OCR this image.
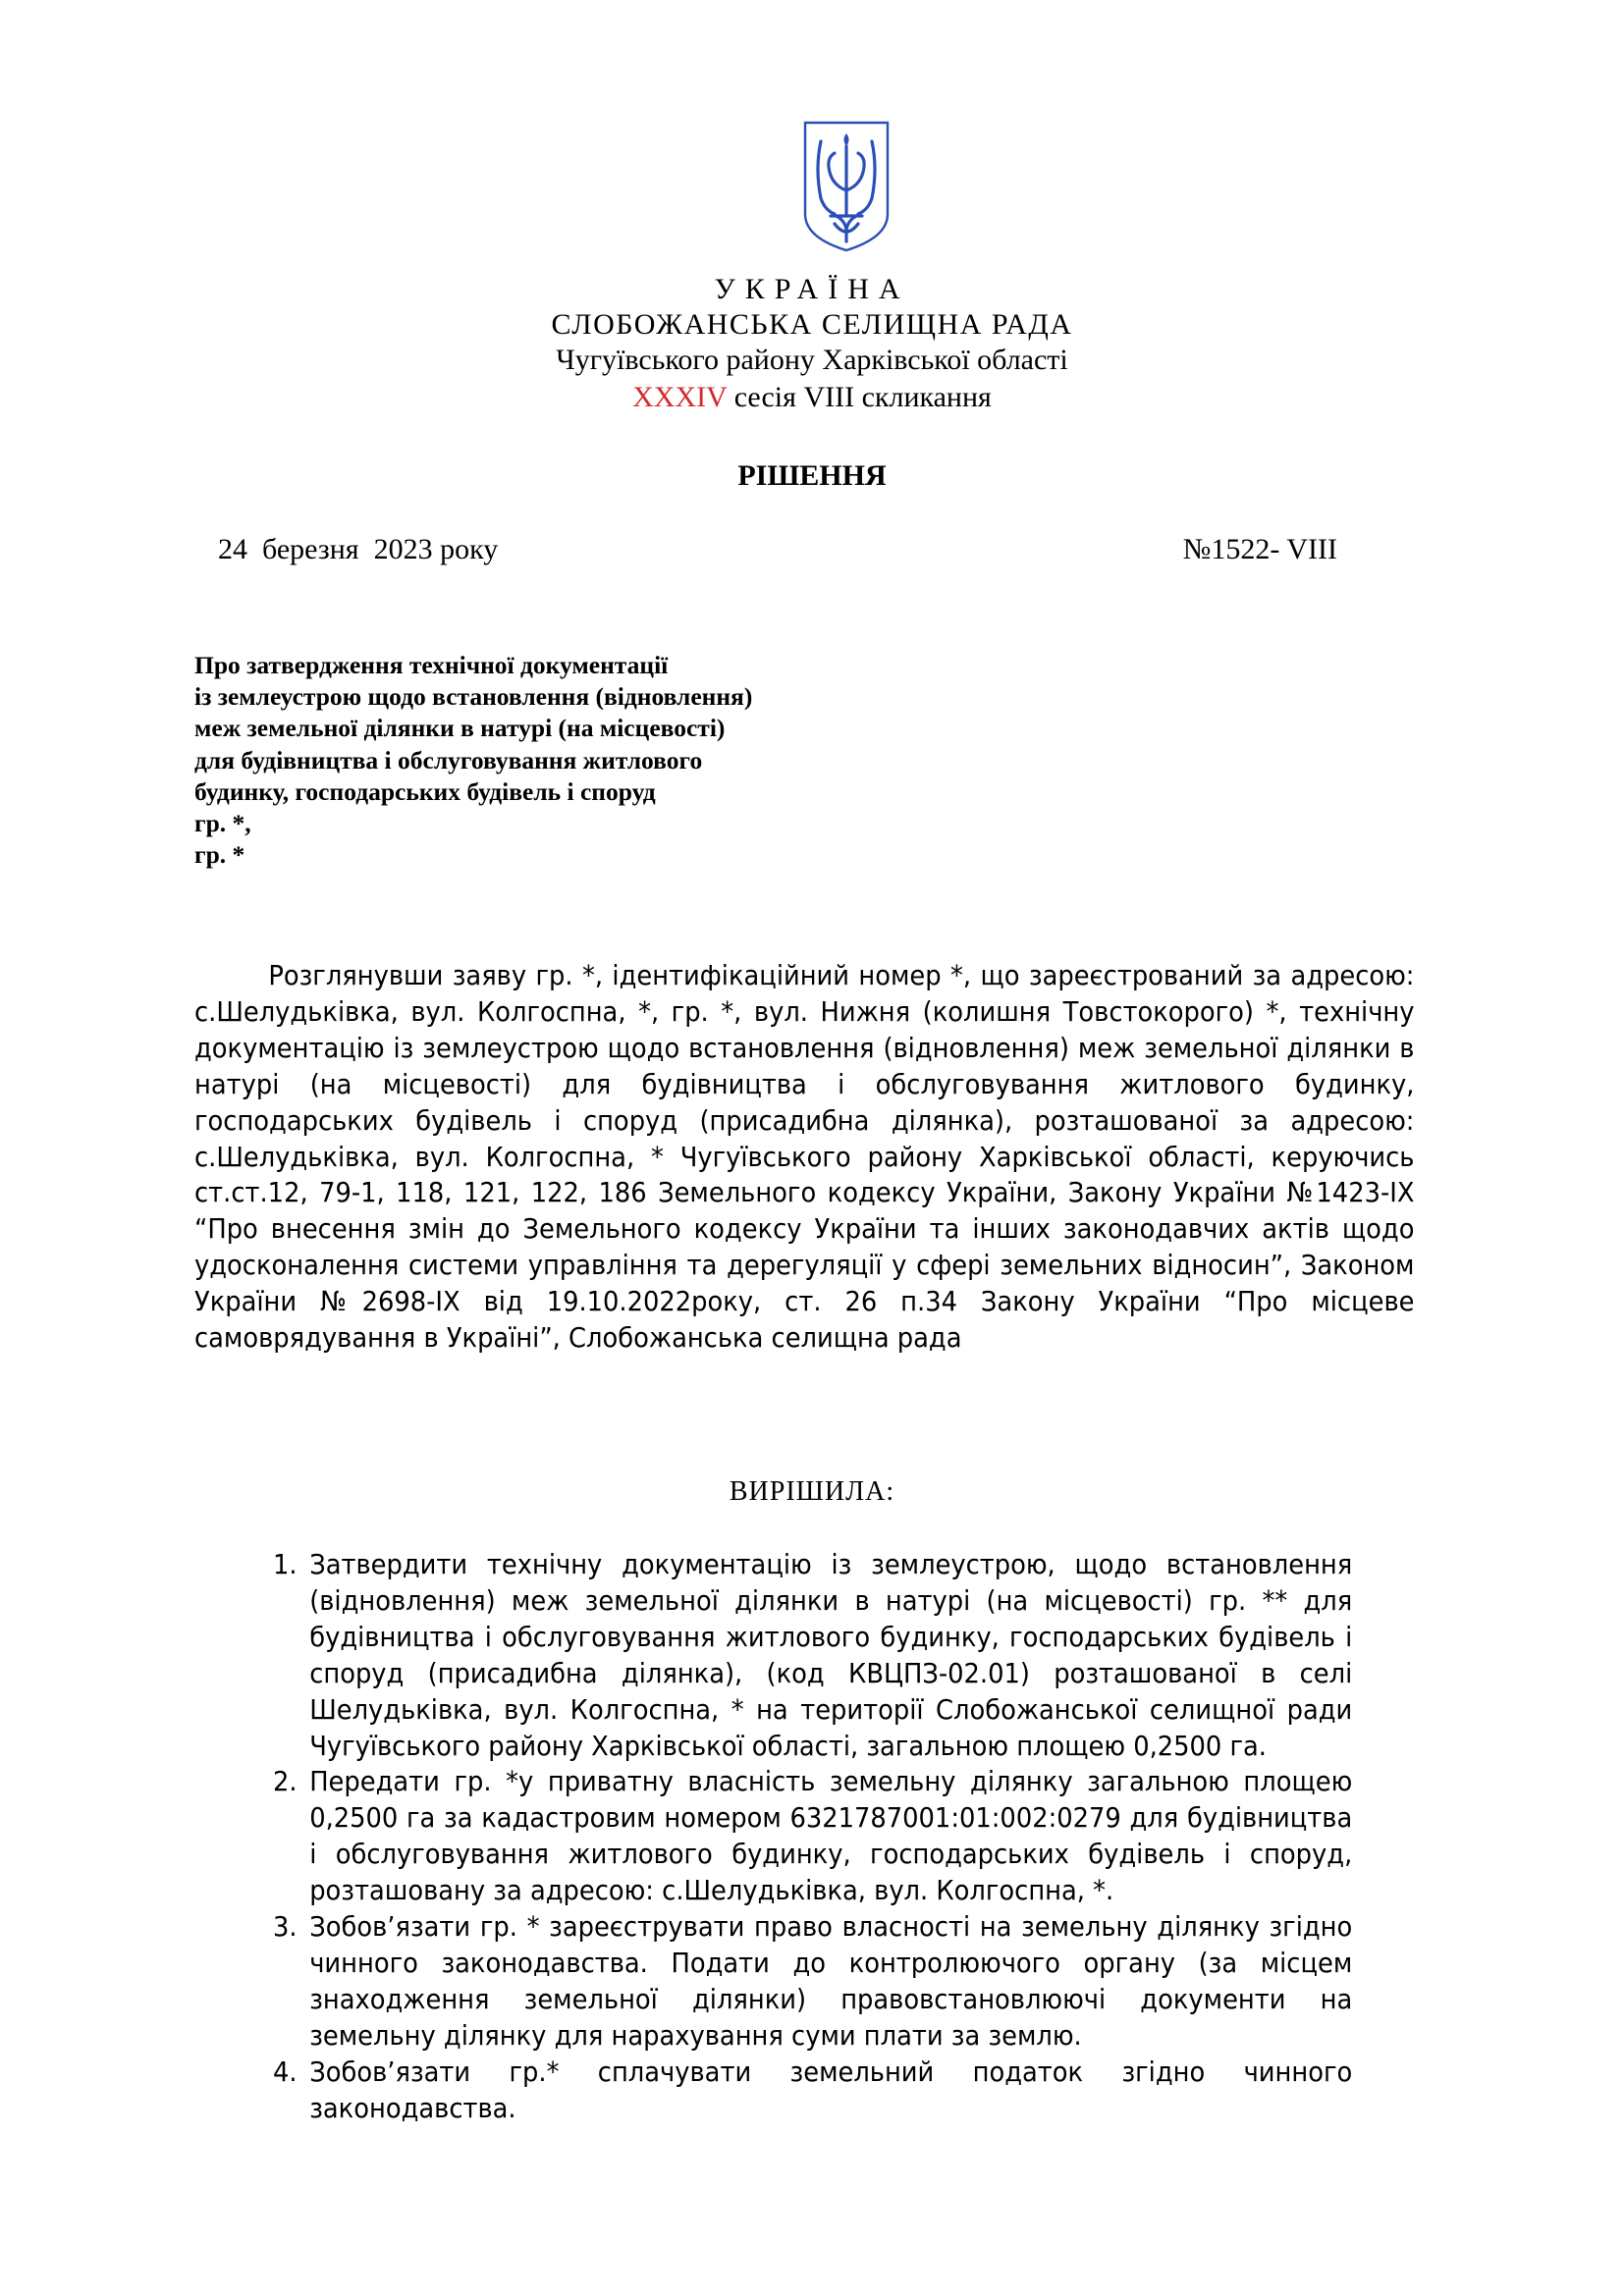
УКРАЇНА

СЛОБОЖАНСЬКА СЕЛИЩНА РАДА

Чугуївського району Харківської області

XXXIV сесія VIII скликання

РІШЕННЯ

24  березня  2023 року	№1522- VIII
Про затвердження технічної документації
із землеустрою щодо встановлення (відновлення)
меж земельної ділянки в натурі (на місцевості)
для будівництва і обслуговування житлового
будинку, господарських будівель і споруд
гр. *,
гр. *

Розглянувши заяву гр. *, ідентифікаційний номер *, що зареєстрований за адресою: с.Шелудьківка, вул. Колгоспна, *, гр. *, вул. Нижня (колишня Товстокорого) *, технічну документацію із землеустрою щодо встановлення (відновлення) меж земельної ділянки в натурі (на місцевості) для будівництва і обслуговування житлового будинку, господарських будівель і споруд (присадибна ділянка), розташованої за адресою: с.Шелудьківка, вул. Колгоспна, * Чугуївського району Харківської області, керуючись ст.ст.12, 79-1, 118, 121, 122, 186 Земельного кодексу України, Закону України №1423-ІХ “Про внесення змін до Земельного кодексу України та інших законодавчих актів щодо удосконалення системи управління та дерегуляції у сфері земельних відносин”, Законом України №2698-ІХ від 19.10.2022року, ст. 26 п.34 Закону України “Про місцеве самоврядування в Україні”, Слобожанська селищна рада

ВИРІШИЛА:

1. Затвердити технічну документацію із землеустрою, щодо встановлення (відновлення) меж земельної ділянки в натурі (на місцевості) гр. ** для будівництва і обслуговування житлового будинку, господарських будівель і споруд (присадибна ділянка), (код КВЦПЗ-02.01) розташованої в селі Шелудьківка, вул. Колгоспна, * на території Слобожанської селищної ради Чугуївського району Харківської області, загальною площею 0,2500 га.
2. Передати гр. *у приватну власність земельну ділянку загальною площею 0,2500 га за кадастровим номером 6321787001:01:002:0279 для будівництва і обслуговування житлового будинку, господарських будівель і споруд, розташовану за адресою: с.Шелудьківка, вул. Колгоспна, *.
3. Зобов’язати гр. * зареєструвати право власності на земельну ділянку згідно чинного законодавства. Подати до контролюючого органу (за місцем знаходження земельної ділянки) правовстановлюючі документи на земельну ділянку для нарахування суми плати за землю.
4. Зобов’язати гр.* сплачувати земельний податок згідно чинного законодавства.
